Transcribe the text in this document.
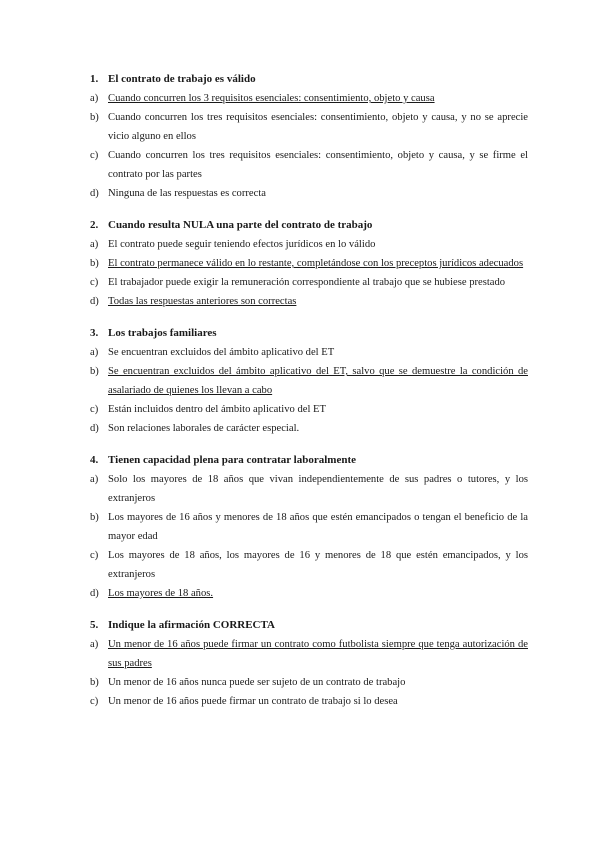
1. El contrato de trabajo es válido
a) Cuando concurren los 3 requisitos esenciales: consentimiento, objeto y causa
b) Cuando concurren los tres requisitos esenciales: consentimiento, objeto y causa, y no se aprecie vicio alguno en ellos
c) Cuando concurren los tres requisitos esenciales: consentimiento, objeto y causa, y se firme el contrato por las partes
d) Ninguna de las respuestas es correcta
2. Cuando resulta NULA una parte del contrato de trabajo
a) El contrato puede seguir teniendo efectos jurídicos en lo válido
b) El contrato permanece válido en lo restante, completándose con los preceptos jurídicos adecuados
c) El trabajador puede exigir la remuneración correspondiente al trabajo que se hubiese prestado
d) Todas las respuestas anteriores son correctas
3. Los trabajos familiares
a) Se encuentran excluidos del ámbito aplicativo del ET
b) Se encuentran excluidos del ámbito aplicativo del ET, salvo que se demuestre la condición de asalariado de quienes los llevan a cabo
c) Están incluidos dentro del ámbito aplicativo del ET
d) Son relaciones laborales de carácter especial.
4. Tienen capacidad plena para contratar laboralmente
a) Solo los mayores de 18 años que vivan independientemente de sus padres o tutores, y los extranjeros
b) Los mayores de 16 años y menores de 18 años que estén emancipados o tengan el beneficio de la mayor edad
c) Los mayores de 18 años, los mayores de 16 y menores de 18 que estén emancipados, y los extranjeros
d) Los mayores de 18 años.
5. Indique la afirmación CORRECTA
a) Un menor de 16 años puede firmar un contrato como futbolista siempre que tenga autorización de sus padres
b) Un menor de 16 años nunca puede ser sujeto de un contrato de trabajo
c) Un menor de 16 años puede firmar un contrato de trabajo si lo desea
